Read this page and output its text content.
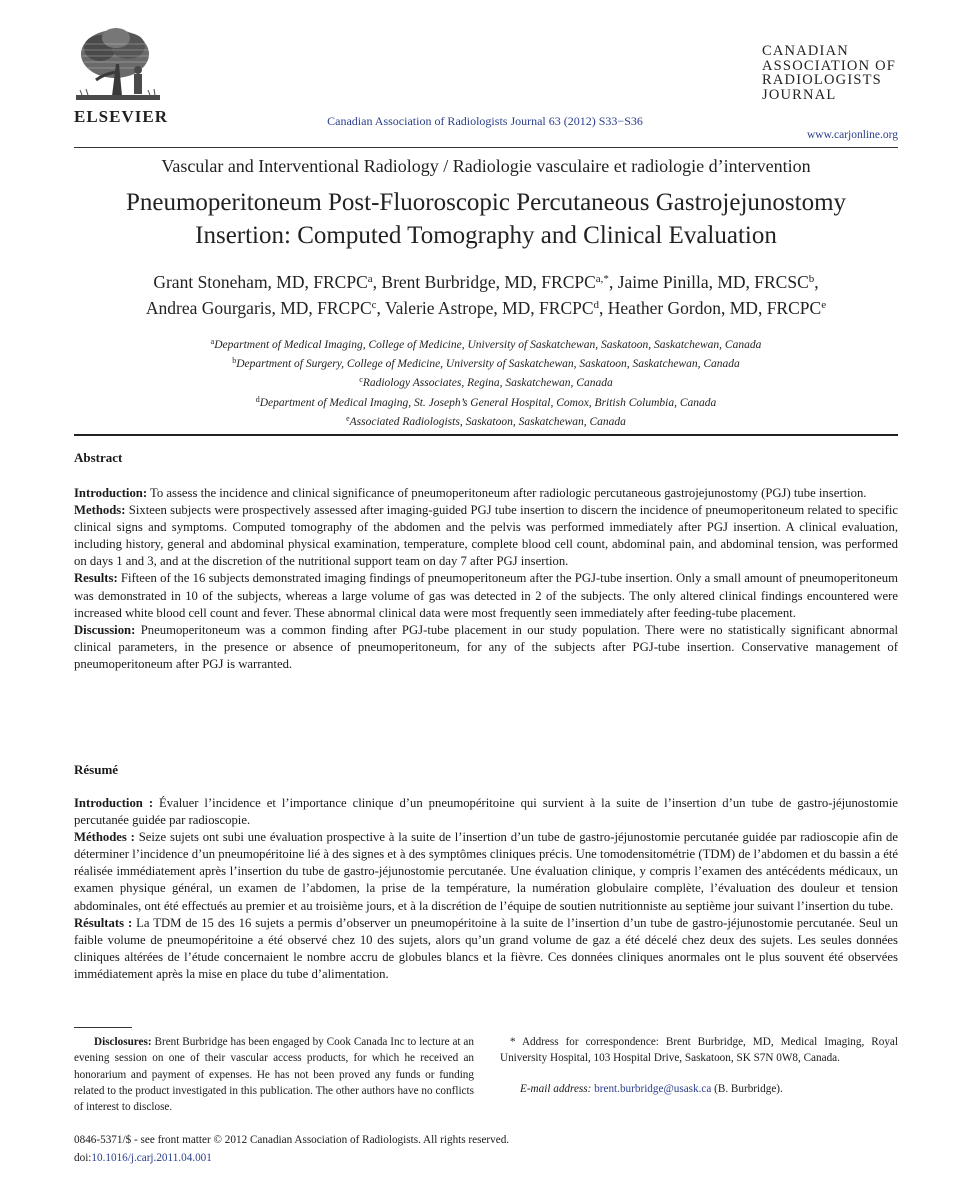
ELSEVIER	Canadian Association of Radiologists Journal 63 (2012) S33−S36
CANADIAN
ASSOCIATION OF
RADIOLOGISTS
JOURNAL
www.carjonline.org
Vascular and Interventional Radiology / Radiologie vasculaire et radiologie d’intervention
Pneumoperitoneum Post-Fluoroscopic Percutaneous Gastrojejunostomy
Insertion: Computed Tomography and Clinical Evaluation
Grant Stoneham, MD, FRCPC$^a$, Brent Burbridge, MD, $FRCPC^{a,*}$, Jaime Pinilla, MD, FRCSC$^b$,
Andrea Gourgaris, MD, FRCPC$^c$, Valerie Astrope, MD, FRCPC$^d$, Heather Gordon, MD, FRCPC$^e$
$^a$Department of Medical Imaging, College of Medicine, University of Saskatchewan, Saskatoon, Saskatchewan, Canada
$^b$Department of Surgery, College of Medicine, University of Saskatchewan, Saskatoon, Saskatchewan, Canada
$^c$Radiology Associates, Regina, Saskatchewan, Canada
$^d$Department of Medical Imaging, St. Joseph’s General Hospital, Comox, British Columbia, Canada
$^e$Associated Radiologists, Saskatoon, Saskatchewan, Canada
Abstract

Introduction: To assess the incidence and clinical significance of pneumoperitoneum after radiologic percutaneous gastrojejunostomy (PGJ) tube insertion.

Methods: Sixteen subjects were prospectively assessed after imaging-guided PGJ tube insertion to discern the incidence of pneumoperitoneum related to specific clinical signs and symptoms. Computed tomography of the abdomen and the pelvis was performed immediately after PGJ insertion. A clinical evaluation, including history, general and abdominal physical examination, temperature, complete blood cell count, abdominal pain, and abdominal tension, was performed on days 1 and 3, and at the discretion of the nutritional support team on day 7 after PGJ insertion.

Results: Fifteen of the 16 subjects demonstrated imaging findings of pneumoperitoneum after the PGJ-tube insertion. Only a small amount of pneumoperitoneum was demonstrated in 10 of the subjects, whereas a large volume of gas was detected in 2 of the subjects. The only altered clinical findings encountered were increased white blood cell count and fever. These abnormal clinical data were most frequently seen immediately after feeding-tube placement.

Discussion: Pneumoperitoneum was a common finding after PGJ-tube placement in our study population. There were no statistically significant abnormal clinical parameters, in the presence or absence of pneumoperitoneum, for any of the subjects after PGJ-tube insertion. Conservative management of pneumoperitoneum after PGJ is warranted.

Résumé

Introduction : Évaluer l’incidence et l’importance clinique d’un pneumopéritoine qui survient à la suite de l’insertion d’un tube de gastro-jéjunostomie percutanée guidée par radioscopie.

Méthodes : Seize sujets ont subi une évaluation prospective à la suite de l’insertion d’un tube de gastro-jéjunostomie percutanée guidée par radioscopie afin de déterminer l’incidence d’un pneumopéritoine lié à des signes et à des symptômes cliniques précis. Une tomodensitométrie (TDM) de l’abdomen et du bassin a été réalisée immédiatement après l’insertion du tube de gastro-jéjunostomie percutanée. Une évaluation clinique, y compris l’examen des antécédents médicaux, un examen physique général, un examen de l’abdomen, la prise de la température, la numération globulaire complète, l’évaluation des douleur et tension abdominales, ont été effectués au premier et au troisième jours, et à la discrétion de l’équipe de soutien nutritionniste au septième jour suivant l’insertion du tube.

Résultats : La TDM de 15 des 16 sujets a permis d’observer un pneumopéritoine à la suite de l’insertion d’un tube de gastro-jéjunostomie percutanée. Seul un faible volume de pneumopéritoine a été observé chez 10 des sujets, alors qu’un grand volume de gaz a été décelé chez deux des sujets. Les seules données cliniques altérées de l’étude concernaient le nombre accru de globules blancs et la fièvre. Ces données cliniques anormales ont le plus souvent été observées immédiatement après la mise en place du tube d’alimentation.

Disclosures: Brent Burbridge has been engaged by Cook Canada Inc to lecture at an evening session on one of their vascular access products, for which he received an honorarium and payment of expenses. He has not been proved any funds or funding related to the product investigated in this publication. The other authors have no conflicts of interest to disclose.
* Address for correspondence: Brent Burbridge, MD, Medical Imaging, Royal University Hospital, 103 Hospital Drive, Saskatoon, SK S7N 0W8, Canada.
E-mail address: brent.burbridge@usask.ca (B. Burbridge).
0846-5371/$ - see front matter © 2012 Canadian Association of Radiologists. All rights reserved.
doi:10.1016/j.carj.2011.04.001
